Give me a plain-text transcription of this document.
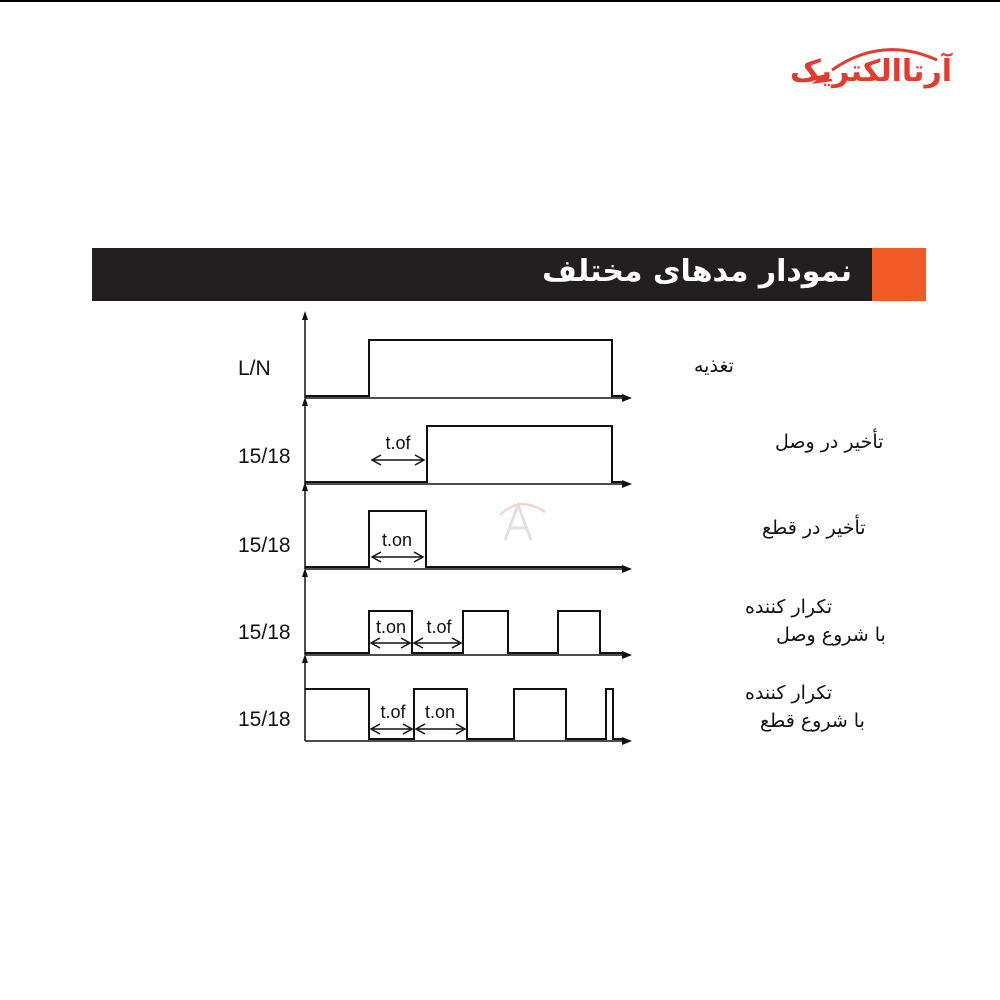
آرتاالکتریک
نمودار مدهای مختلف
L/N	تغذیه
t.of
15/18
تأخیر در وصل
t.on
15/18
تأخیر در قطع
t.on t.of
15/18
تکرار کننده
با شروع وصل
t.of t.on
15/18
تکرار کننده
با شروع قطع
